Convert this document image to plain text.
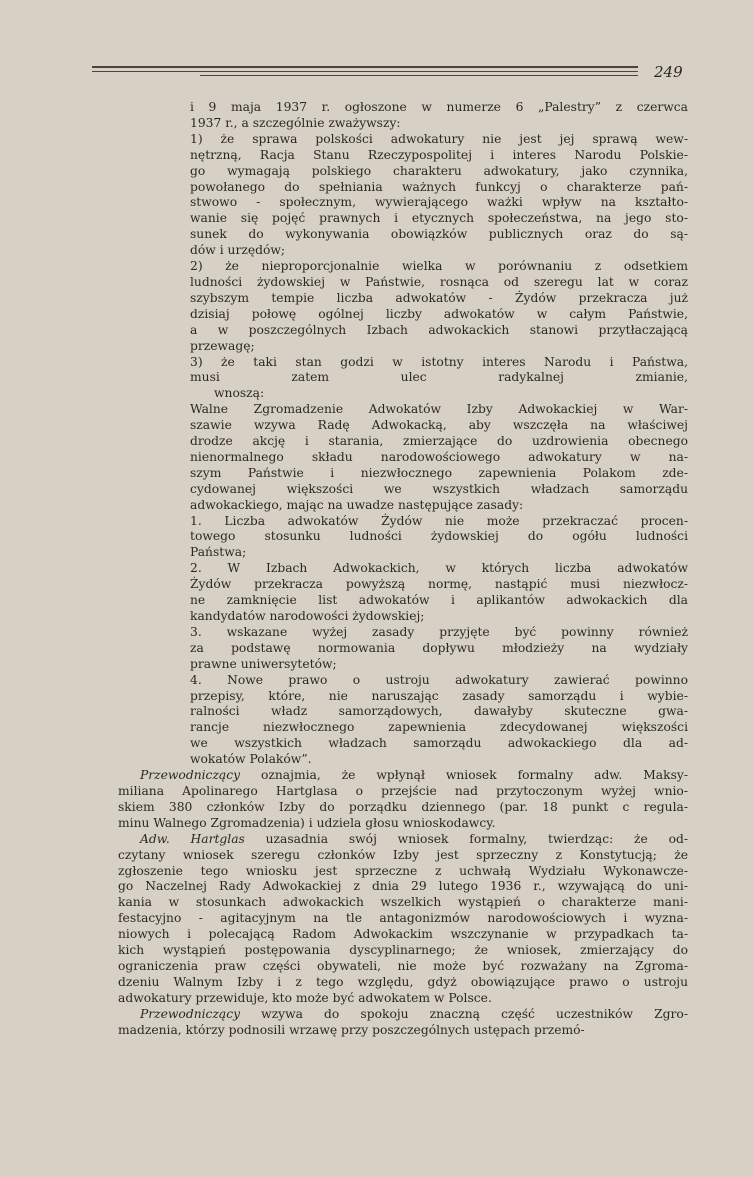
249

i 9 maja 1937 r. ogłoszone w numerze 6 „Palestry” z czerwca

1937 r., a szczególnie zważywszy:

1) że sprawa polskości adwokatury nie jest jej sprawą wew-

nętrzną, Racja Stanu Rzeczypospolitej i interes Narodu Polskie-

go wymagają polskiego charakteru adwokatury, jako czynnika,

powołanego do spełniania ważnych funkcyj o charakterze pań-

stwowo - społecznym, wywierającego ważki wpływ na kształto-

wanie się pojęć prawnych i etycznych społeczeństwa, na jego sto-

sunek do wykonywania obowiązków publicznych oraz do są-

dów i urzędów;

2) że nieproporcjonalnie wielka w porównaniu z odsetkiem

ludności żydowskiej w Państwie, rosnąca od szeregu lat w coraz

szybszym tempie liczba adwokatów - Żydów przekracza już

dzisiaj połowę ogólnej liczby adwokatów w całym Państwie,

a w poszczególnych Izbach adwokackich stanowi przytłaczającą

przewagę;

3) że taki stan godzi w istotny interes Narodu i Państwa,

musi zatem ulec radykalnej zmianie,

wnoszą:

Walne Zgromadzenie Adwokatów Izby Adwokackiej w War-

szawie wzywa Radę Adwokacką, aby wszczęła na właściwej

drodze akcję i starania, zmierzające do uzdrowienia obecnego

nienormalnego składu narodowościowego adwokatury w na-

szym Państwie i niezwłocznego zapewnienia Polakom zde-

cydowanej większości we wszystkich władzach samorządu

adwokackiego, mając na uwadze następujące zasady:

1. Liczba adwokatów Żydów nie może przekraczać procen-

towego stosunku ludności żydowskiej do ogółu ludności

Państwa;

2. W Izbach Adwokackich, w których liczba adwokatów

Żydów przekracza powyższą normę, nastąpić musi niezwłocz-

ne zamknięcie list adwokatów i aplikantów adwokackich dla

kandydatów narodowości żydowskiej;

3. wskazane wyżej zasady przyjęte być powinny również

za podstawę normowania dopływu młodzieży na wydziały

prawne uniwersytetów;

4. Nowe prawo o ustroju adwokatury zawierać powinno

przepisy, które, nie naruszając zasady samorządu i wybie-

ralności władz samorządowych, dawałyby skuteczne gwa-

rancje niezwłocznego zapewnienia zdecydowanej większości

we wszystkich władzach samorządu adwokackiego dla ad-

wokatów Polaków”.

Przewodniczący oznajmia, że wpłynął wniosek formalny adw. Maksy-

miliana Apolinarego Hartglasa o przejście nad przytoczonym wyżej wnio-

skiem 380 członków Izby do porządku dziennego (par. 18 punkt c regula-

minu Walnego Zgromadzenia) i udziela głosu wnioskodawcy.

Adw. Hartglas uzasadnia swój wniosek formalny, twierdząc: że od-

czytany wniosek szeregu członków Izby jest sprzeczny z Konstytucją; że

zgłoszenie tego wniosku jest sprzeczne z uchwałą Wydziału Wykonawcze-

go Naczelnej Rady Adwokackiej z dnia 29 lutego 1936 r., wzywającą do uni-

kania w stosunkach adwokackich wszelkich wystąpień o charakterze mani-

festacyjno - agitacyjnym na tle antagonizmów narodowościowych i wyzna-

niowych i polecającą Radom Adwokackim wszczynanie w przypadkach ta-

kich wystąpień postępowania dyscyplinarnego; że wniosek, zmierzający do

ograniczenia praw części obywateli, nie może być rozważany na Zgroma-

dzeniu Walnym Izby i z tego względu, gdyż obowiązujące prawo o ustroju

adwokatury przewiduje, kto może być adwokatem w Polsce.

Przewodniczący wzywa do spokoju znaczną część uczestników Zgro-

madzenia, którzy podnosili wrzawę przy poszczególnych ustępach przemó-
